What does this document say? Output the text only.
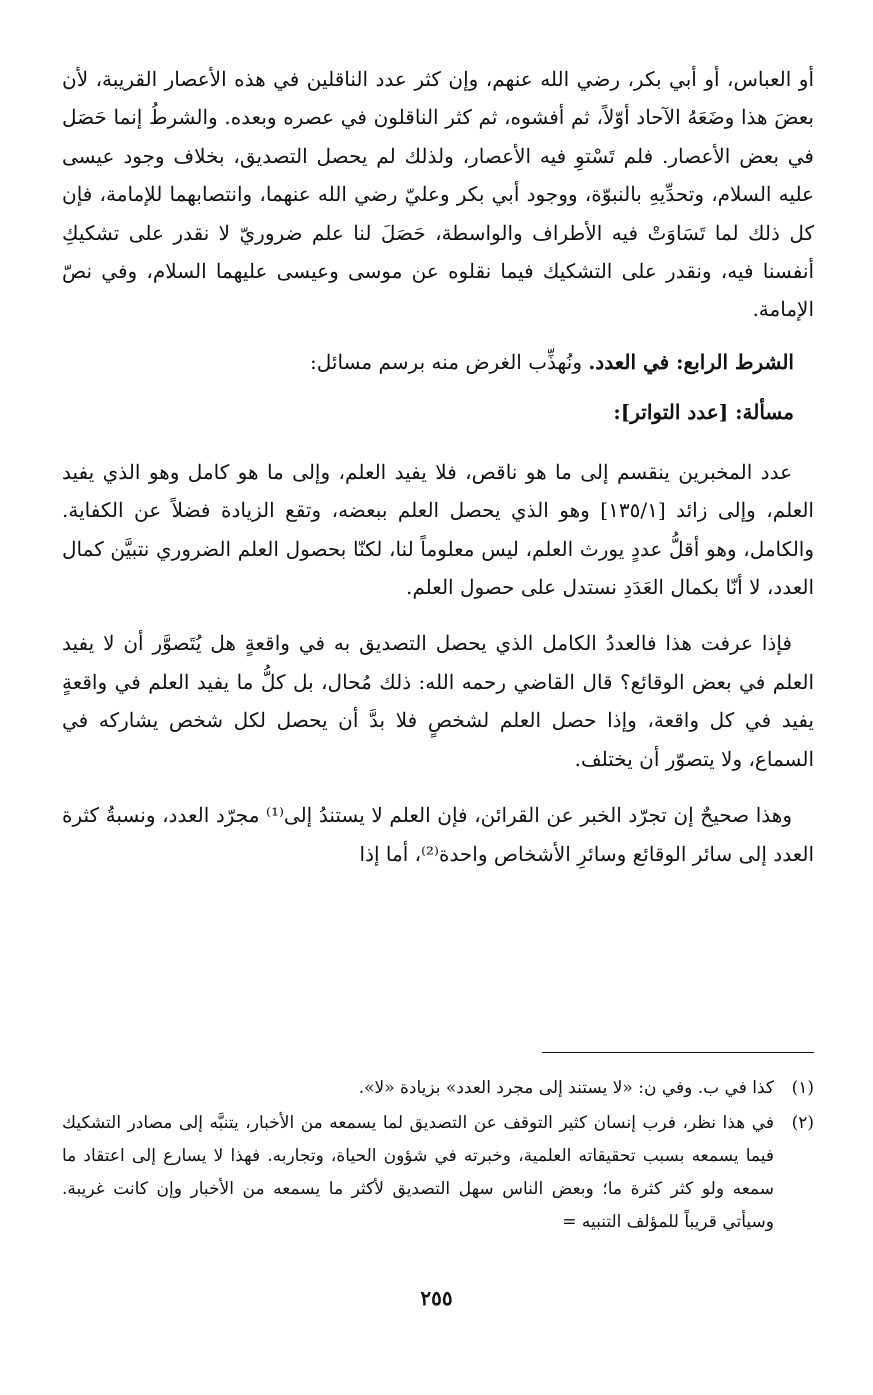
أو العباس، أو أبي بكر، رضي الله عنهم، وإن كثر عدد الناقلين في هذه الأعصار القريبة، لأن بعضَ هذا وضَعَهُ الآحاد أوّلاً، ثم أفشوه، ثم كثر الناقلون في عصره وبعده. والشرطُ إنما حَصَل في بعض الأعصار. فلم تَسْتوِ فيه الأعصار، ولذلك لم يحصل التصديق، بخلاف وجود عيسى عليه السلام، وتحدِّيهِ بالنبوّة، ووجود أبي بكر وعليّ رضي الله عنهما، وانتصابهما للإمامة، فإن كل ذلك لما تَسَاوَتْ فيه الأطراف والواسطة، حَصَلَ لنا علم ضروريّ لا نقدر على تشكيكِ أنفسنا فيه، ونقدر على التشكيك فيما نقلوه عن موسى وعيسى عليهما السلام، وفي نصّ الإمامة.

الشرط الرابع: في العدد. ونُهذِّب الغرض منه برسم مسائل:

مسألة: [عدد التواتر]:

عدد المخبرين ينقسم إلى ما هو ناقص، فلا يفيد العلم، وإلى ما هو كامل وهو الذي يفيد العلم، وإلى زائد [١٣٥/١] وهو الذي يحصل العلم ببعضه، وتقع الزيادة فضلاً عن الكفاية. والكامل، وهو أقلُّ عددٍ يورث العلم، ليس معلوماً لنا، لكنّا بحصول العلم الضروري نتبيَّن كمال العدد، لا أنّا بكمال العَدَدِ نستدل على حصول العلم.

فإذا عرفت هذا فالعددُ الكامل الذي يحصل التصديق به في واقعةٍ هل يُتَصوَّر أن لا يفيد العلم في بعض الوقائع؟ قال القاضي رحمه الله: ذلك مُحال، بل كلُّ ما يفيد العلم في واقعةٍ يفيد في كل واقعة، وإذا حصل العلم لشخصٍ فلا بدَّ أن يحصل لكل شخص يشاركه في السماع، ولا يتصوّر أن يختلف.

وهذا صحيحٌ إن تجرّد الخبر عن القرائن، فإن العلم لا يستندُ إلى⁽¹⁾ مجرّد العدد، ونسبةُ كثرة العدد إلى سائر الوقائع وسائرِ الأشخاص واحدة⁽²⁾، أما إذا

(١)
كذا في ب. وفي ن: «لا يستند إلى مجرد العدد» بزيادة «لا».
(٢)
في هذا نظر، فرب إنسان كثير التوقف عن التصديق لما يسمعه من الأخبار، يتنبَّه إلى مصادر التشكيك فيما يسمعه بسبب تحقيقاته العلمية، وخبرته في شؤون الحياة، وتجاربه. فهذا لا يسارع إلى اعتقاد ما سمعه ولو كثر كثرة ما؛ وبعض الناس سهل التصديق لأكثر ما يسمعه من الأخبار وإن كانت غريبة. وسيأتي قريباً للمؤلف التنبيه =
٢٥٥
